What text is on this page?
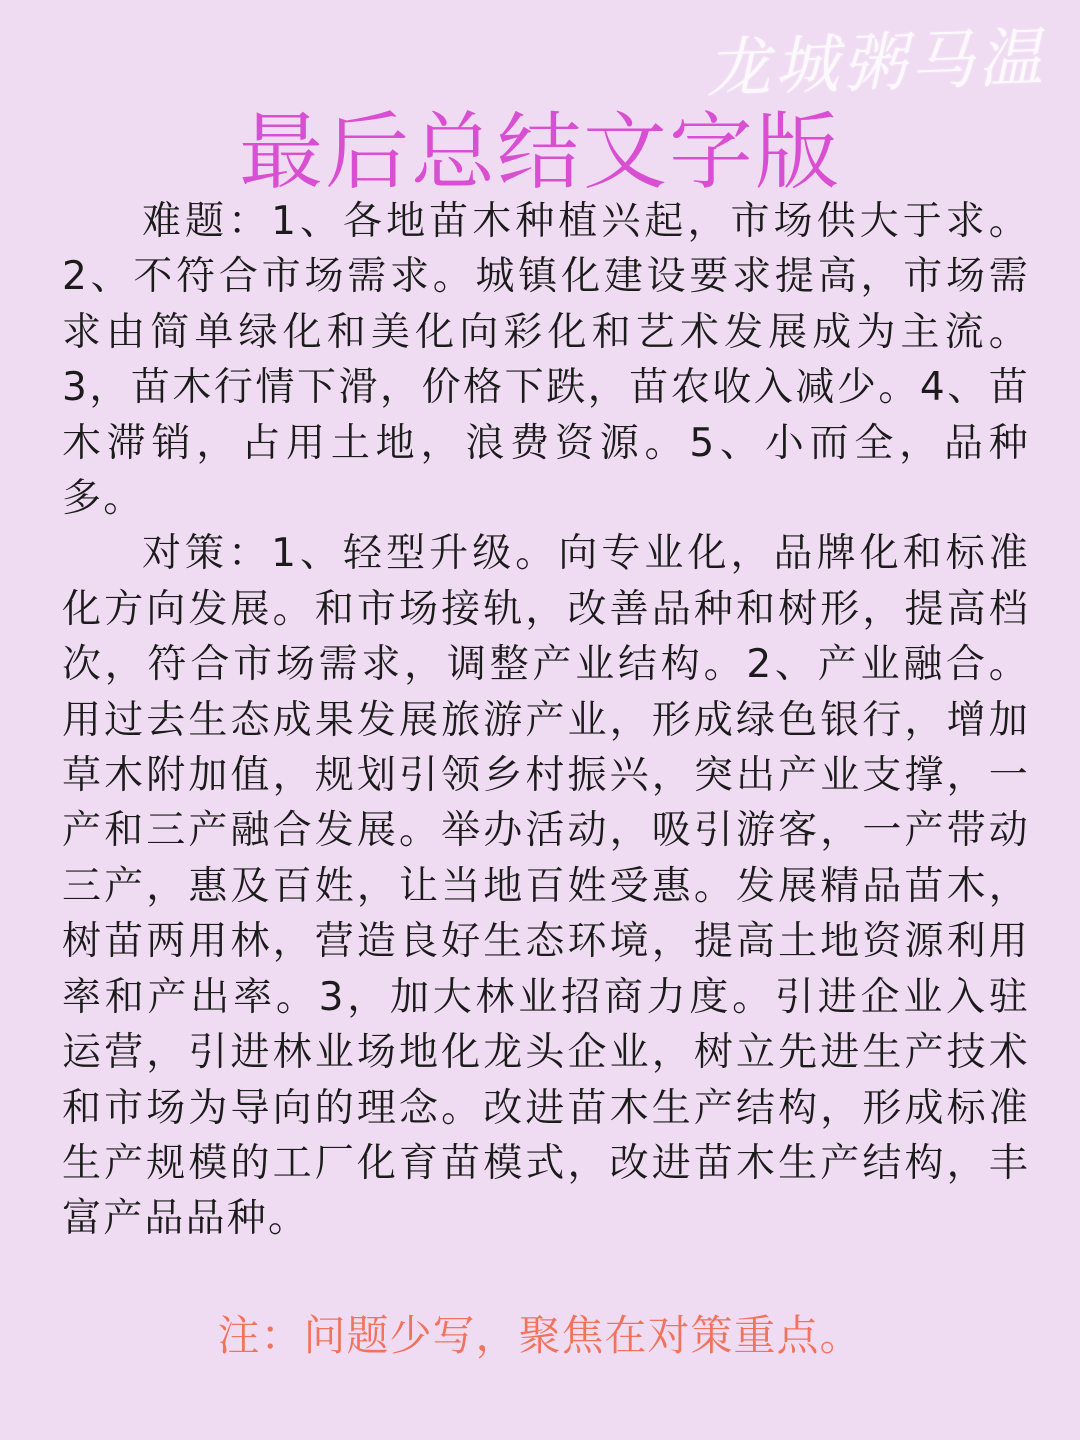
龙城粥马温
最后总结文字版

难题：1、各地苗木种植兴起，市场供大于求。2、不符合市场需求。城镇化建设要求提高，市场需求由简单绿化和美化向彩化和艺术发展成为主流。3，苗木行情下滑，价格下跌，苗农收入减少。4、苗木滞销，占用土地，浪费资源。5、小而全，品种多。

对策：1、轻型升级。向专业化，品牌化和标准化方向发展。和市场接轨，改善品种和树形，提高档次，符合市场需求，调整产业结构。2、产业融合。用过去生态成果发展旅游产业，形成绿色银行，增加草木附加值，规划引领乡村振兴，突出产业支撑，一产和三产融合发展。举办活动，吸引游客，一产带动三产，惠及百姓，让当地百姓受惠。发展精品苗木，树苗两用林，营造良好生态环境，提高土地资源利用率和产出率。3，加大林业招商力度。引进企业入驻运营，引进林业场地化龙头企业，树立先进生产技术和市场为导向的理念。改进苗木生产结构，形成标准生产规模的工厂化育苗模式，改进苗木生产结构，丰富产品品种。

注：问题少写，聚焦在对策重点。
